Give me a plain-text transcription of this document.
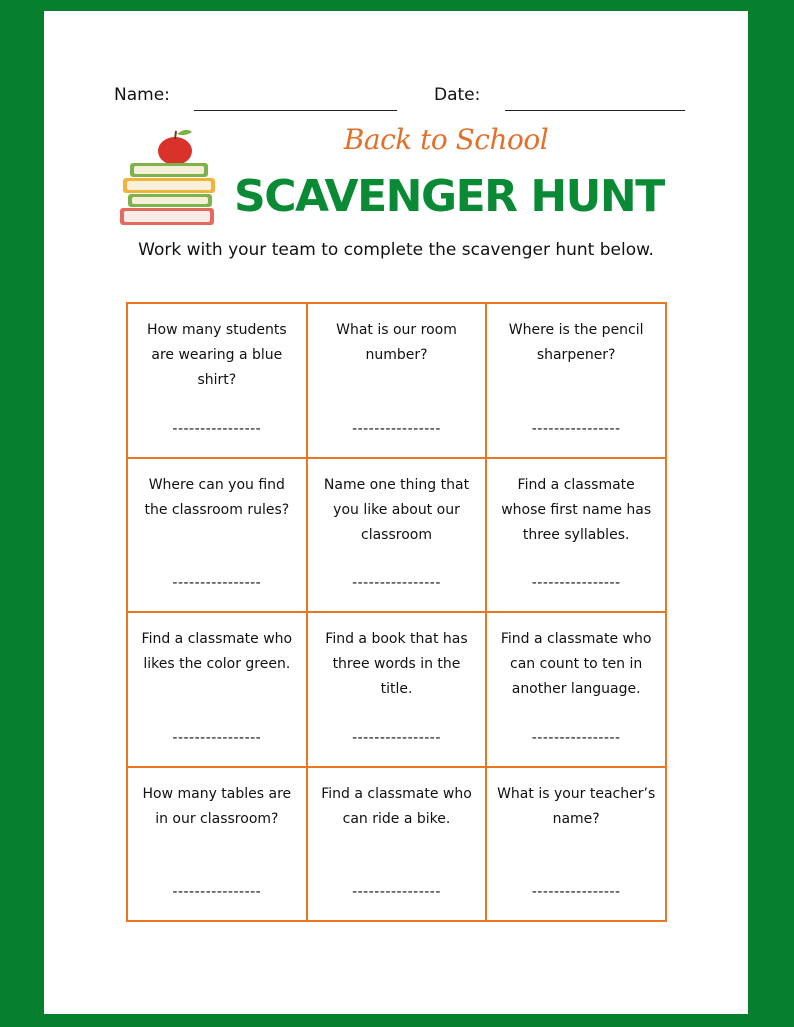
Name:	Date:
Back to School
SCAVENGER HUNT
Work with your team to complete the scavenger hunt below.
How many students are wearing a blue shirt?
----------------
What is our room number?
----------------
Where is the pencil sharpener?
----------------
Where can you find the classroom rules?
----------------
Name one thing that you like about our classroom
----------------
Find a classmate whose first name has three syllables.
----------------
Find a classmate who likes the color green.
----------------
Find a book that has three words in the title.
----------------
Find a classmate who can count to ten in another language.
----------------
How many tables are in our classroom?
----------------
Find a classmate who can ride a bike.
----------------
What is your teacher’s name?
----------------
